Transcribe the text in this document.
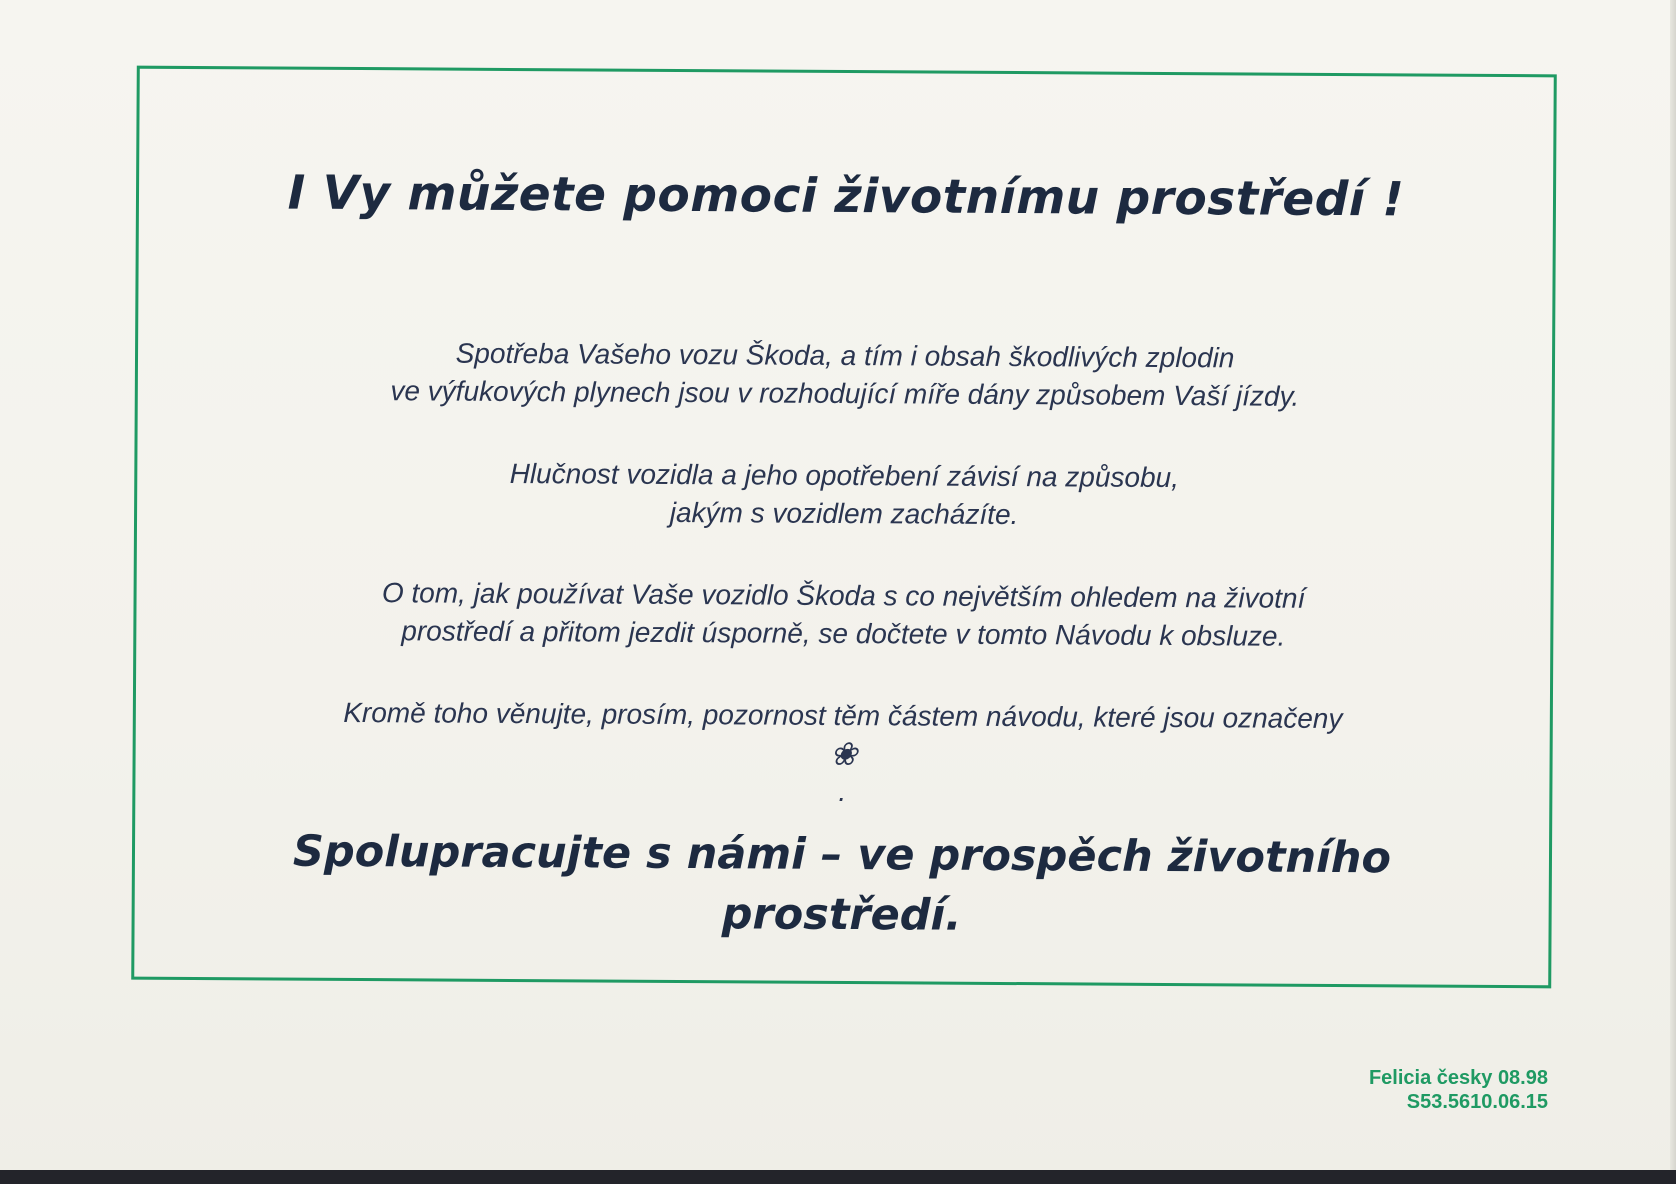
I Vy můžete pomoci životnímu prostředí !

Spotřeba Vašeho vozu Škoda, a tím i obsah škodlivých zplodin
ve výfukových plynech jsou v rozhodující míře dány způsobem Vaší jízdy.

Hlučnost vozidla a jeho opotřebení závisí na způsobu,
jakým s vozidlem zacházíte.

O tom, jak používat Vaše vozidlo Škoda s co největším ohledem na životní
prostředí a přitom jezdit úsporně, se dočtete v tomto Návodu k obsluze.

Kromě toho věnujte, prosím, pozornost těm částem návodu, které jsou označeny
❀
.

Spolupracujte s námi – ve prospěch životního
prostředí.
Felicia česky 08.98
S53.5610.06.15
